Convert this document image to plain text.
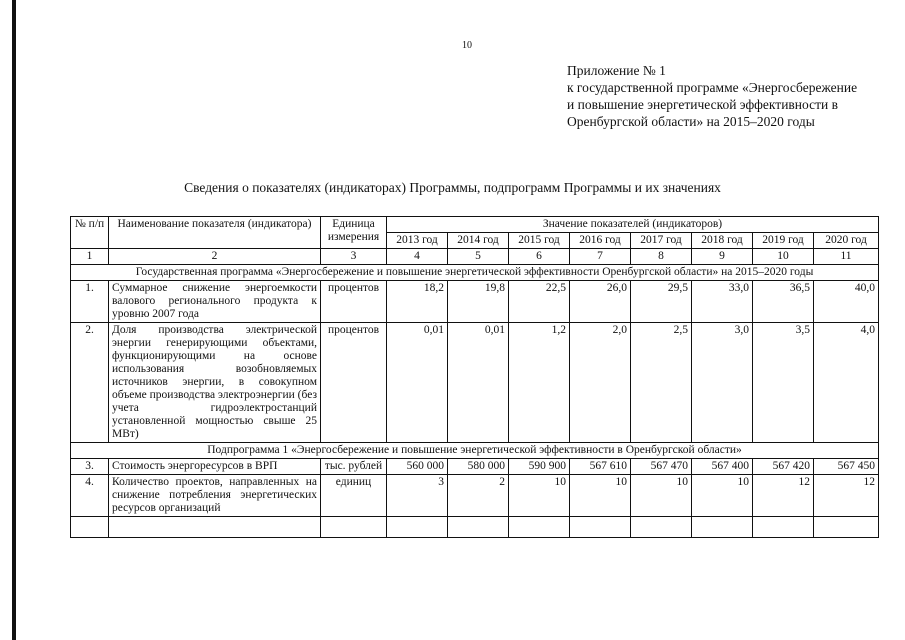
10
Приложение № 1
к государственной программе «Энергосбережение
и повышение энергетической эффективности в
Оренбургской области» на 2015–2020 годы
Сведения о показателях (индикаторах) Программы, подпрограмм Программы и их значениях
№ п/п	Наименование показателя (индикатора)	Единица измерения	Значение показателей (индикаторов)							
			2013 год	2014 год	2015 год	2016 год	2017 год	2018 год	2019 год	2020 год
1	2	3	4	5	6	7	8	9	10	11
Государственная программа «Энергосбережение и повышение энергетической эффективности Оренбургской области» на 2015–2020 годы										
1.	Суммарное снижение энергоемкости валового регионального продукта к уровню 2007 года	процентов	18,2	19,8	22,5	26,0	29,5	33,0	36,5	40,0
2.	Доля производства электрической энергии генерирующими объектами, функционирующими на основе использования возобновляемых источников энергии, в совокупном объеме производства электроэнергии (без учета гидроэлектростанций установленной мощностью свыше 25 МВт)	процентов	0,01	0,01	1,2	2,0	2,5	3,0	3,5	4,0
Подпрограмма 1 «Энергосбережение и повышение энергетической эффективности в Оренбургской области»										
3.	Стоимость энергоресурсов в ВРП	тыс. рублей	560 000	580 000	590 900	567 610	567 470	567 400	567 420	567 450
4.	Количество проектов, направленных на снижение потребления энергетических ресурсов организаций	единиц	3	2	10	10	10	10	12	12
